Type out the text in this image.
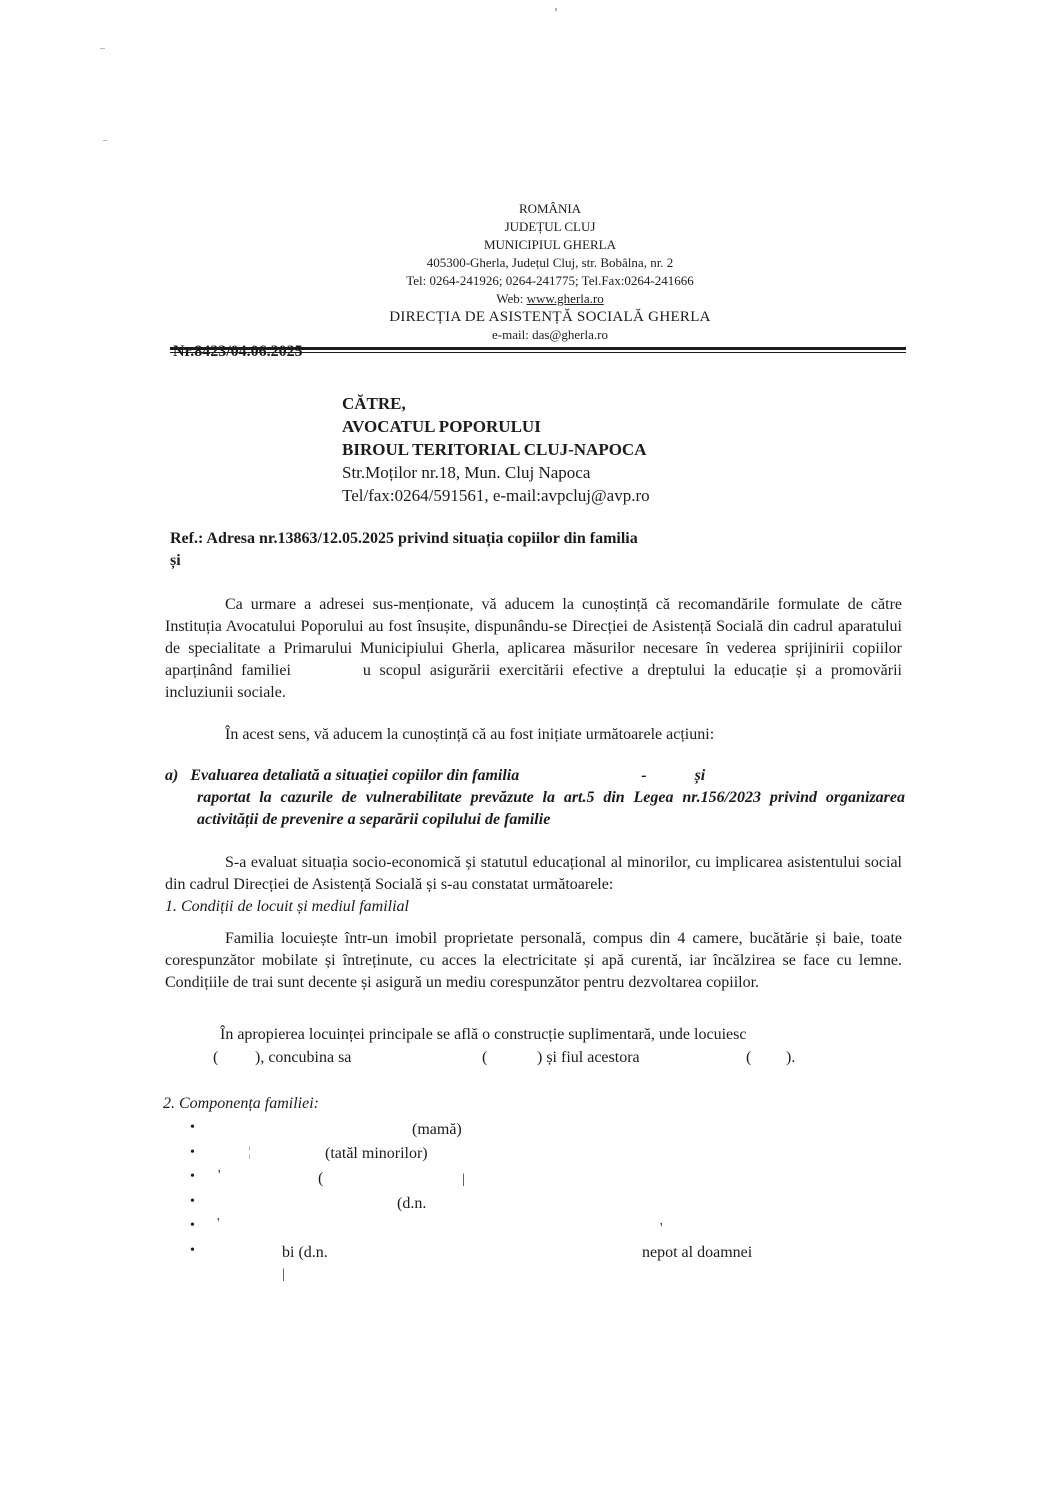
ROMÂNIA
JUDEȚUL CLUJ
MUNICIPIUL GHERLA
405300-Gherla, Județul Cluj, str. Bobâlna, nr. 2
Tel: 0264-241926; 0264-241775; Tel.Fax:0264-241666
Web: www.gherla.ro
DIRECȚIA DE ASISTENȚĂ SOCIALĂ GHERLA
e-mail: das@gherla.ro
Nr.8423/04.06.2025
CĂTRE,
AVOCATUL POPORULUI
BIROUL TERITORIAL CLUJ-NAPOCA
Str.Moților nr.18, Mun. Cluj Napoca
Tel/fax:0264/591561, e-mail:avpcluj@avp.ro
Ref.: Adresa nr.13863/12.05.2025 privind situația copiilor din familia
și
Ca urmare a adresei sus-menționate, vă aducem la cunoștință că recomandările formulate de către Instituția Avocatului Poporului au fost însușite, dispunându-se Direcției de Asistență Socială din cadrul aparatului de specialitate a Primarului Municipiului Gherla, aplicarea măsurilor necesare în vederea sprijinirii copiilor aparținând familiei	u scopul asigurării exercitării efective a dreptului la educație și a promovării incluziunii sociale.
În acest sens, vă aducem la cunoștință că au fost inițiate următoarele acțiuni:
a) Evaluarea detaliată a situației copiilor din familia	-	și
raportat la cazurile de vulnerabilitate prevăzute la art.5 din Legea nr.156/2023 privind organizarea activității de prevenire a separării copilului de familie
S-a evaluat situația socio-economică și statutul educațional al minorilor, cu implicarea asistentului social din cadrul Direcției de Asistență Socială și s-au constatat următoarele:
1. Condiții de locuit și mediul familial
Familia locuiește într-un imobil proprietate personală, compus din 4 camere, bucătărie și baie, toate corespunzător mobilate și întreținute, cu acces la electricitate și apă curentă, iar încălzirea se face cu lemne. Condițiile de trai sunt decente și asigură un mediu corespunzător pentru dezvoltarea copiilor.
În apropierea locuinței principale se află o construcție suplimentară, unde locuiesc
( ), concubina sa	(	) și fiul acestora	( ).
2. Componența familiei:
•	(mamă)
•	¦	(tatăl minorilor)
• '	(	|
•	(d.n.
• '	'
•	bi (d.n.	nepot al doamnei
|
